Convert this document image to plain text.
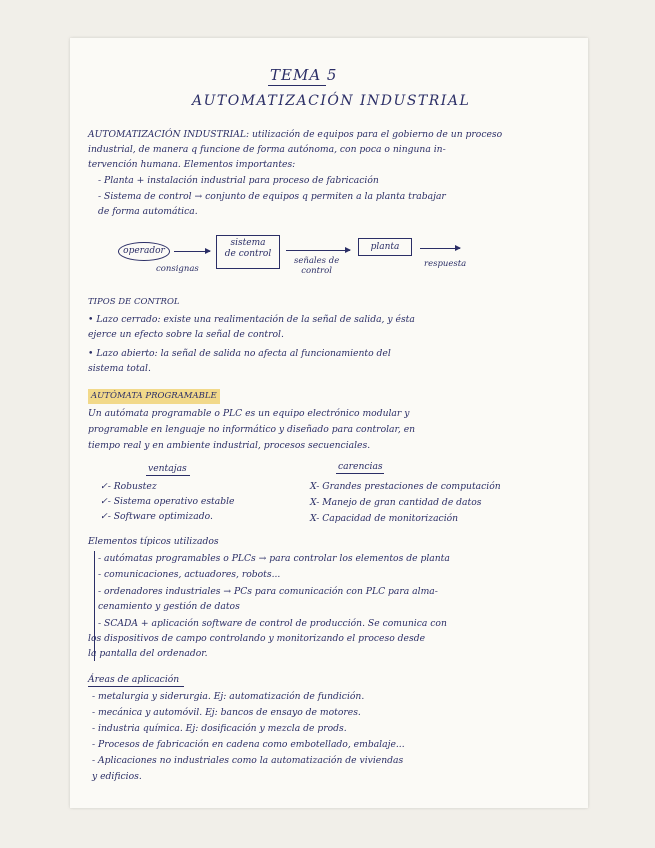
TEMA 5
AUTOMATIZACIÓN INDUSTRIAL
AUTOMATIZACIÓN INDUSTRIAL: utilización de equipos para el gobierno de un proceso
industrial, de manera q funcione de forma autónoma, con poca o ninguna in-
tervención humana. Elementos importantes:
- Planta + instalación industrial para proceso de fabricación
- Sistema de control → conjunto de equipos q permiten a la planta trabajar
de forma automática.
operador
consignas
sistema
de control
señales de
control
planta
respuesta
TIPOS DE CONTROL
• Lazo cerrado: existe una realimentación de la señal de salida, y ésta
ejerce un efecto sobre la señal de control.
• Lazo abierto: la señal de salida no afecta al funcionamiento del
sistema total.
AUTÓMATA PROGRAMABLE
Un autómata programable o PLC es un equipo electrónico modular y
programable en lenguaje no informático y diseñado para controlar, en
tiempo real y en ambiente industrial, procesos secuenciales.
ventajas
✓- Robustez
✓- Sistema operativo estable
✓- Software optimizado.
carencias
X- Grandes prestaciones de computación
X- Manejo de gran cantidad de datos
X- Capacidad de monitorización
Elementos típicos utilizados
- autómatas programables o PLCs → para controlar los elementos de planta
- comunicaciones, actuadores, robots...
- ordenadores industriales → PCs para comunicación con PLC para alma-
cenamiento y gestión de datos
- SCADA + aplicación software de control de producción. Se comunica con
los dispositivos de campo controlando y monitorizando el proceso desde
la pantalla del ordenador.
Áreas de aplicación
- metalurgia y siderurgia. Ej: automatización de fundición.
- mecánica y automóvil. Ej: bancos de ensayo de motores.
- industria química. Ej: dosificación y mezcla de prods.
- Procesos de fabricación en cadena como embotellado, embalaje...
- Aplicaciones no industriales como la automatización de viviendas
y edificios.
